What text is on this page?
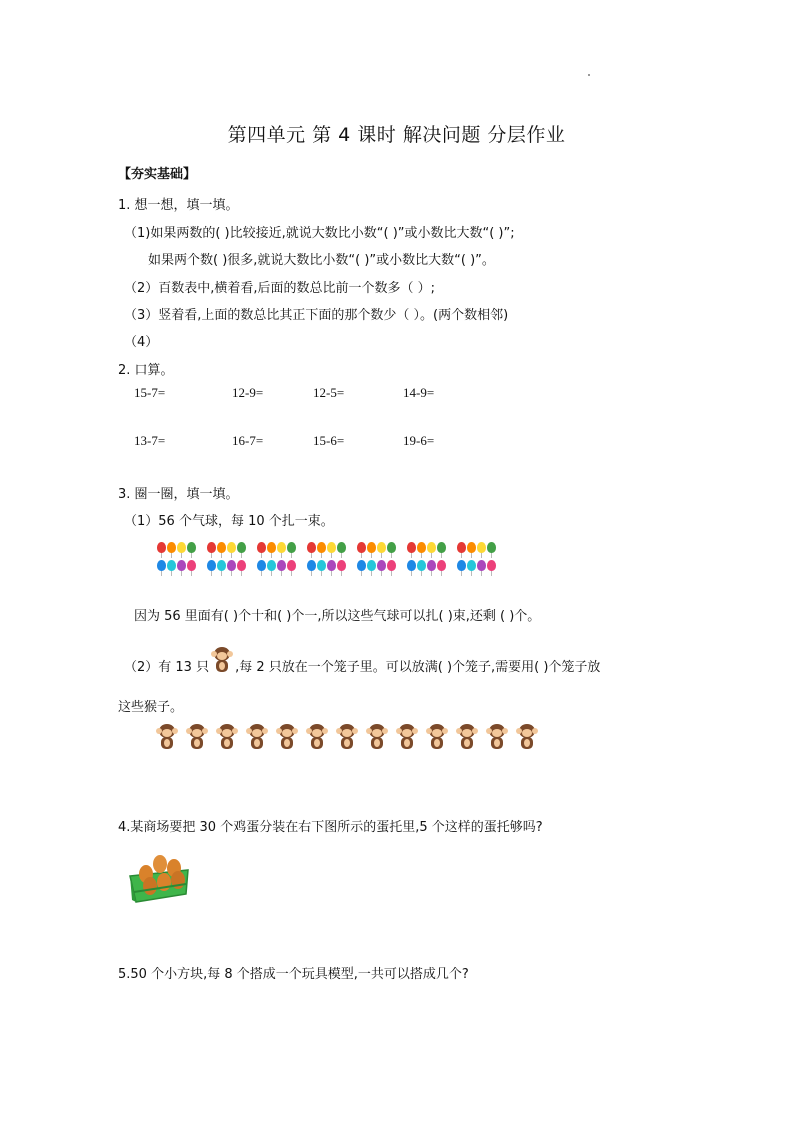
第四单元 第 4 课时 解决问题 分层作业
【夯实基础】
1. 想一想，填一填。
（1)如果两数的( )比较接近,就说大数比小数“( )”或小数比大数“( )”;
如果两个数( )很多,就说大数比小数“( )”或小数比大数“( )”。
（2）百数表中,横着看,后面的数总比前一个数多（ ）;
（3）竖着看,上面的数总比其正下面的那个数少（ ）。(两个数相邻)
（4）
2. 口算。
15-7=	12-9=	12-5=	14-9=
13-7=	16-7=	15-6=	19-6=
3. 圈一圈，填一填。
（1）56 个气球，每 10 个扎一束。
因为 56 里面有( )个十和( )个一,所以这些气球可以扎( )束,还剩 ( )个。
（2）有 13 只 ,每 2 只放在一个笼子里。可以放满( )个笼子,需要用( )个笼子放
这些猴子。
4.某商场要把 30 个鸡蛋分装在右下图所示的蛋托里,5 个这样的蛋托够吗?
5.50 个小方块,每 8 个搭成一个玩具模型,一共可以搭成几个?
